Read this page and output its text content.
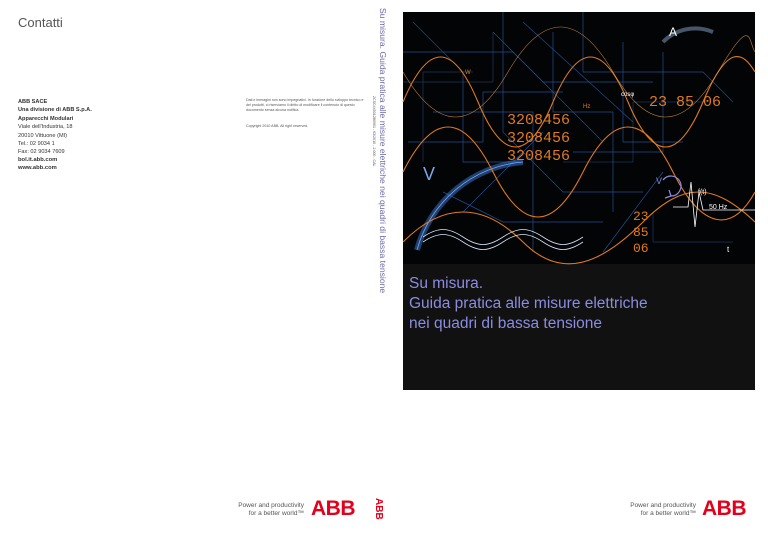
Contatti
ABB SACE
Una divisione di ABB S.p.A.
Apparecchi Modulari
Viale dell'Industria, 18
20010 Vittuone (MI)
Tel.: 02 9034 1
Fax: 02 9034 7609
bol.it.abb.com
www.abb.com
Dati e immagini non sono impegnativi. In funzione dello sviluppo tecnico e dei prodotti, ci riserviamo il diritto di modificare il contenuto di questo documento senza alcuna notifica.
Copyright 2010 ABB. All right reserved.
Power and productivity
for a better world™ ABB
Su misura. Guida pratica alle misure elettriche nei quadri di bassa tensione
2CSC445012B0901 - 03/2010 - 2.000 - CAL
ABB
3208456
3208456
3208456
23 85 06
23
85
06
A
V	V
Hz
cosφ
W
f(t)
50 Hz
t
Su misura.
Guida pratica alle misure elettriche
nei quadri di bassa tensione
Power and productivity
for a better world™ ABB
